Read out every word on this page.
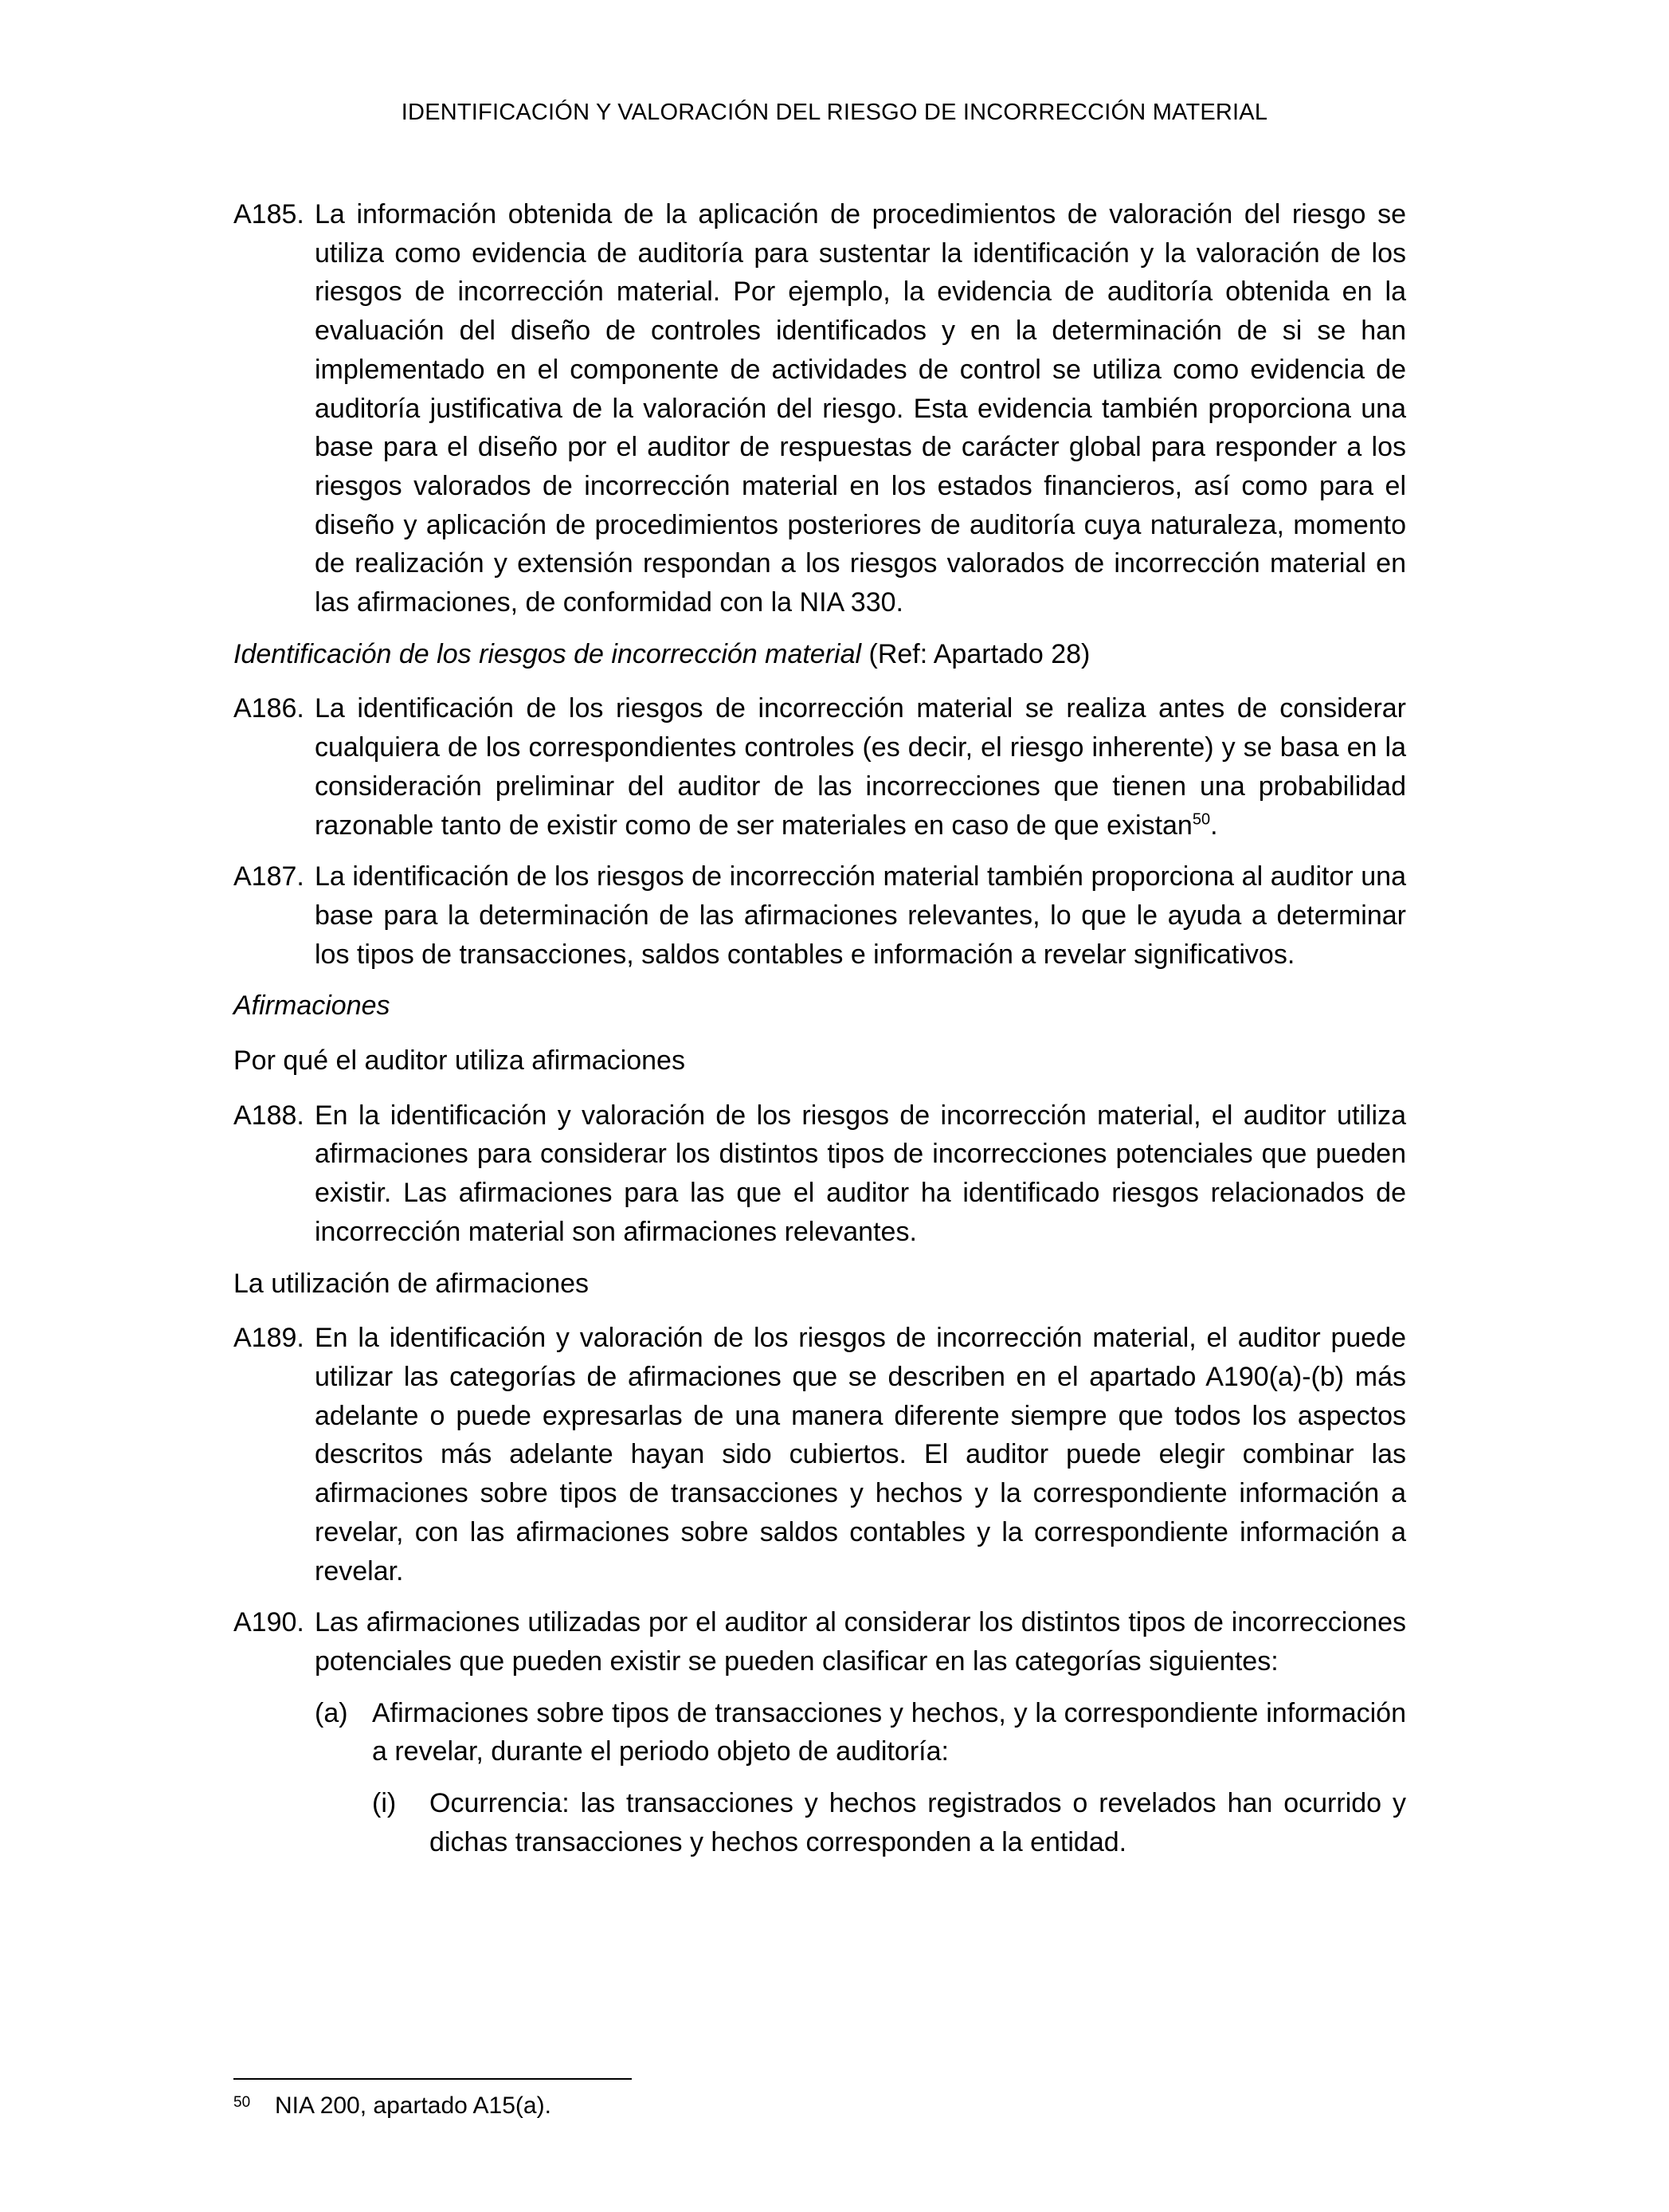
IDENTIFICACIÓN Y VALORACIÓN DEL RIESGO DE INCORRECCIÓN MATERIAL
A185. La información obtenida de la aplicación de procedimientos de valoración del riesgo se utiliza como evidencia de auditoría para sustentar la identificación y la valoración de los riesgos de incorrección material. Por ejemplo, la evidencia de auditoría obtenida en la evaluación del diseño de controles identificados y en la determinación de si se han implementado en el componente de actividades de control se utiliza como evidencia de auditoría justificativa de la valoración del riesgo. Esta evidencia también proporciona una base para el diseño por el auditor de respuestas de carácter global para responder a los riesgos valorados de incorrección material en los estados financieros, así como para el diseño y aplicación de procedimientos posteriores de auditoría cuya naturaleza, momento de realización y extensión respondan a los riesgos valorados de incorrección material en las afirmaciones, de conformidad con la NIA 330.
Identificación de los riesgos de incorrección material (Ref: Apartado 28)
A186. La identificación de los riesgos de incorrección material se realiza antes de considerar cualquiera de los correspondientes controles (es decir, el riesgo inherente) y se basa en la consideración preliminar del auditor de las incorrecciones que tienen una probabilidad razonable tanto de existir como de ser materiales en caso de que existan$^{50}$.
A187. La identificación de los riesgos de incorrección material también proporciona al auditor una base para la determinación de las afirmaciones relevantes, lo que le ayuda a determinar los tipos de transacciones, saldos contables e información a revelar significativos.
Afirmaciones
Por qué el auditor utiliza afirmaciones
A188. En la identificación y valoración de los riesgos de incorrección material, el auditor utiliza afirmaciones para considerar los distintos tipos de incorrecciones potenciales que pueden existir. Las afirmaciones para las que el auditor ha identificado riesgos relacionados de incorrección material son afirmaciones relevantes.
La utilización de afirmaciones
A189. En la identificación y valoración de los riesgos de incorrección material, el auditor puede utilizar las categorías de afirmaciones que se describen en el apartado A190(a)-(b) más adelante o puede expresarlas de una manera diferente siempre que todos los aspectos descritos más adelante hayan sido cubiertos. El auditor puede elegir combinar las afirmaciones sobre tipos de transacciones y hechos y la correspondiente información a revelar, con las afirmaciones sobre saldos contables y la correspondiente información a revelar.
A190. Las afirmaciones utilizadas por el auditor al considerar los distintos tipos de incorrecciones potenciales que pueden existir se pueden clasificar en las categorías siguientes:
(a) Afirmaciones sobre tipos de transacciones y hechos, y la correspondiente información a revelar, durante el periodo objeto de auditoría:
(i)	Ocurrencia: las transacciones y hechos registrados o revelados han ocurrido y dichas transacciones y hechos corresponden a la entidad.
50	NIA 200, apartado A15(a).
